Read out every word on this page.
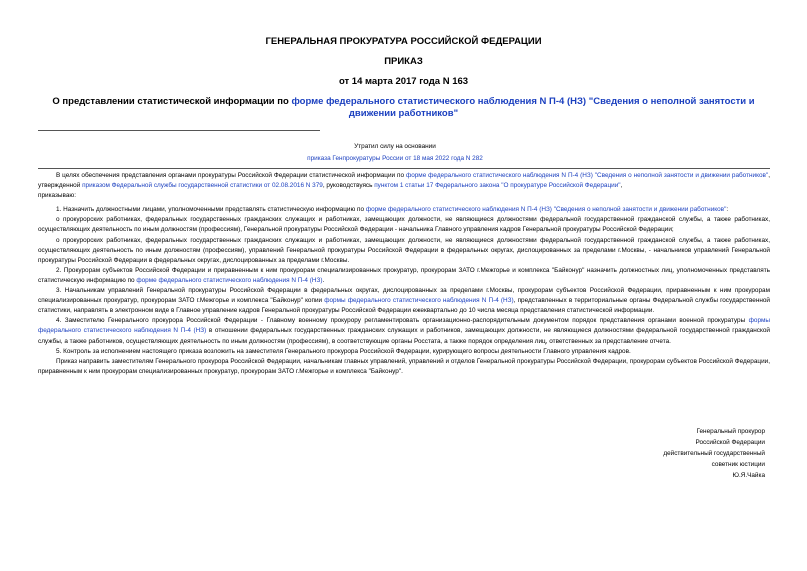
ГЕНЕРАЛЬНАЯ ПРОКУРАТУРА РОССИЙСКОЙ ФЕДЕРАЦИИ
ПРИКАЗ
от 14 марта 2017 года N 163
О представлении статистической информации по форме федерального статистического наблюдения N П-4 (НЗ) "Сведения о неполной занятости и движении работников"
Утратил силу на основании
приказа Генпрокуратуры России от 18 мая 2022 года N 282

В целях обеспечения представления органами прокуратуры Российской Федерации статистической информации по форме федерального статистического наблюдения N П-4 (НЗ) "Сведения о неполной занятости и движении работников", утвержденной приказом Федеральной службы государственной статистики от 02.08.2016 N 379, руководствуясь пунктом 1 статьи 17 Федерального закона "О прокуратуре Российской Федерации",

приказываю:

1. Назначить должностными лицами, уполномоченными представлять статистическую информацию по форме федерального статистического наблюдения N П-4 (НЗ) "Сведения о неполной занятости и движении работников":

о прокурорских работниках, федеральных государственных гражданских служащих и работниках, замещающих должности, не являющиеся должностями федеральной государственной гражданской службы, а также работниках, осуществляющих деятельность по иным должностям (профессиям), Генеральной прокуратуры Российской Федерации - начальника Главного управления кадров Генеральной прокуратуры Российской Федерации;

о прокурорских работниках, федеральных государственных гражданских служащих и работниках, замещающих должности, не являющиеся должностями федеральной государственной гражданской службы, а также работниках, осуществляющих деятельность по иным должностям (профессиям), управлений Генеральной прокуратуры Российской Федерации в федеральных округах, дислоцированных за пределами г.Москвы, - начальников управлений Генеральной прокуратуры Российской Федерации в федеральных округах, дислоцированных за пределами г.Москвы.

2. Прокурорам субъектов Российской Федерации и приравненным к ним прокурорам специализированных прокуратур, прокурорам ЗАТО г.Межгорье и комплекса "Байконур" назначить должностных лиц, уполномоченных представлять статистическую информацию по форме федерального статистического наблюдения N П-4 (НЗ).

3. Начальникам управлений Генеральной прокуратуры Российской Федерации в федеральных округах, дислоцированных за пределами г.Москвы, прокурорам субъектов Российской Федерации, приравненным к ним прокурорам специализированных прокуратур, прокурорам ЗАТО г.Межгорье и комплекса "Байконур" копии формы федерального статистического наблюдения N П-4 (НЗ), представленных в территориальные органы Федеральной службы государственной статистики, направлять в электронном виде в Главное управление кадров Генеральной прокуратуры Российской Федерации ежеквартально до 10 числа месяца представления статистической информации.

4. Заместителю Генерального прокурора Российской Федерации - Главному военному прокурору регламентировать организационно-распорядительным документом порядок представления органами военной прокуратуры формы федерального статистического наблюдения N П-4 (НЗ) в отношении федеральных государственных гражданских служащих и работников, замещающих должности, не являющиеся должностями федеральной государственной гражданской службы, а также работников, осуществляющих деятельность по иным должностям (профессиям), в соответствующие органы Росстата, а также порядок определения лиц, ответственных за представление отчета.

5. Контроль за исполнением настоящего приказа возложить на заместителя Генерального прокурора Российской Федерации, курирующего вопросы деятельности Главного управления кадров.

Приказ направить заместителям Генерального прокурора Российской Федерации, начальникам главных управлений, управлений и отделов Генеральной прокуратуры Российской Федерации, прокурорам субъектов Российской Федерации, приравненным к ним прокурорам специализированных прокуратур, прокурорам ЗАТО г.Межгорье и комплекса "Байконур".

Генеральный прокурор
Российской Федерации
действительный государственный
советник юстиции
Ю.Я.Чайка
